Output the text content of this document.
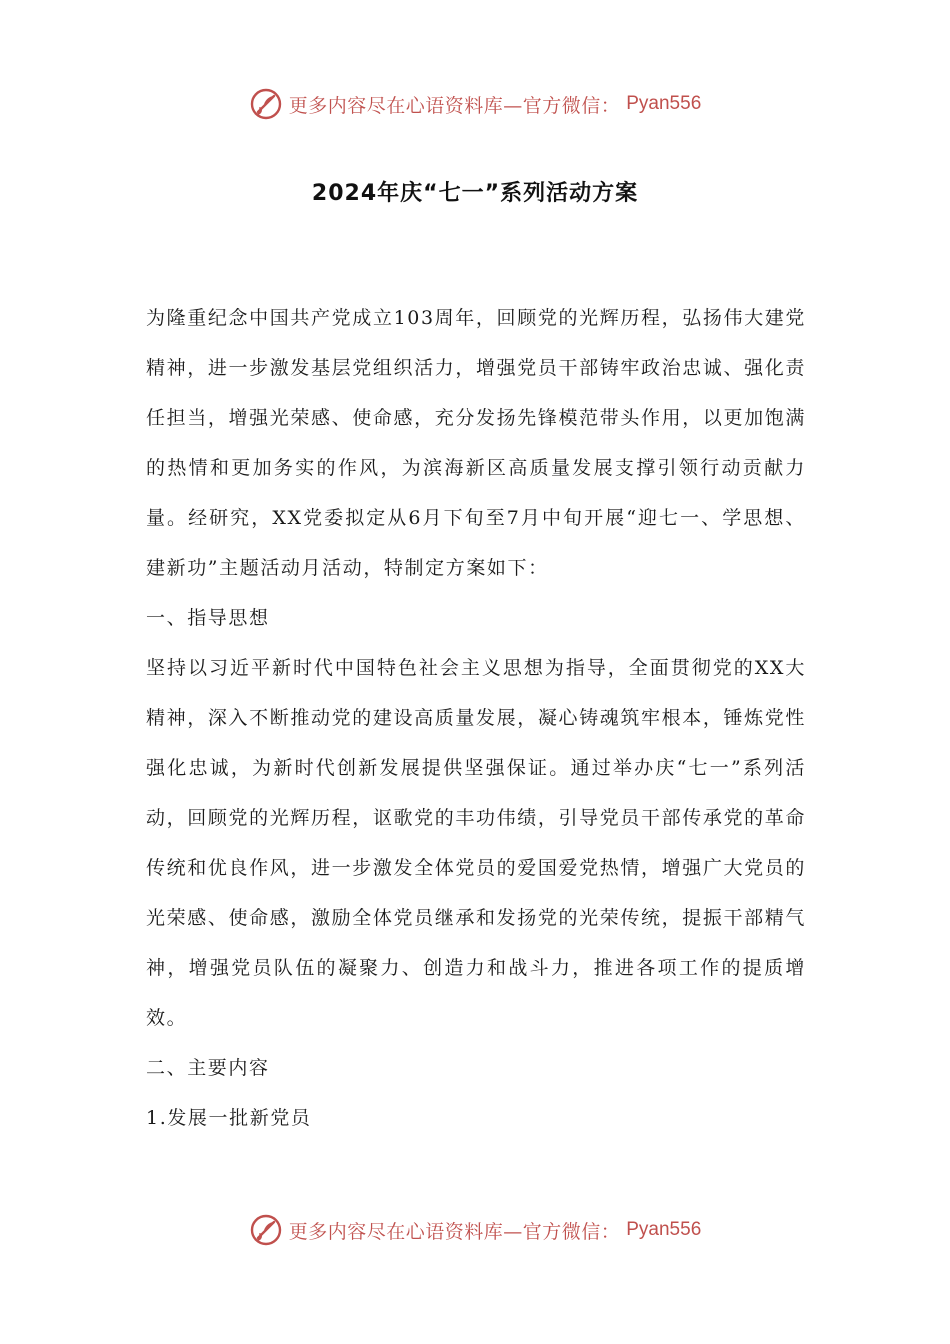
更多内容尽在心语资料库—官方微信： Pyan556
2024年庆“七一”系列活动方案

为隆重纪念中国共产党成立103周年，回顾党的光辉历程，弘扬伟大建党精神，进一步激发基层党组织活力，增强党员干部铸牢政治忠诚、强化责任担当，增强光荣感、使命感，充分发扬先锋模范带头作用，以更加饱满的热情和更加务实的作风，为滨海新区高质量发展支撑引领行动贡献力量。经研究，XX党委拟定从6月下旬至7月中旬开展“迎七一、学思想、建新功”主题活动月活动，特制定方案如下：

一、指导思想

坚持以习近平新时代中国特色社会主义思想为指导，全面贯彻党的XX大精神，深入不断推动党的建设高质量发展，凝心铸魂筑牢根本，锤炼党性强化忠诚，为新时代创新发展提供坚强保证。通过举办庆“七一”系列活动，回顾党的光辉历程，讴歌党的丰功伟绩，引导党员干部传承党的革命传统和优良作风，进一步激发全体党员的爱国爱党热情，增强广大党员的光荣感、使命感，激励全体党员继承和发扬党的光荣传统，提振干部精气神，增强党员队伍的凝聚力、创造力和战斗力，推进各项工作的提质增效。

二、主要内容

1.发展一批新党员

更多内容尽在心语资料库—官方微信： Pyan556
